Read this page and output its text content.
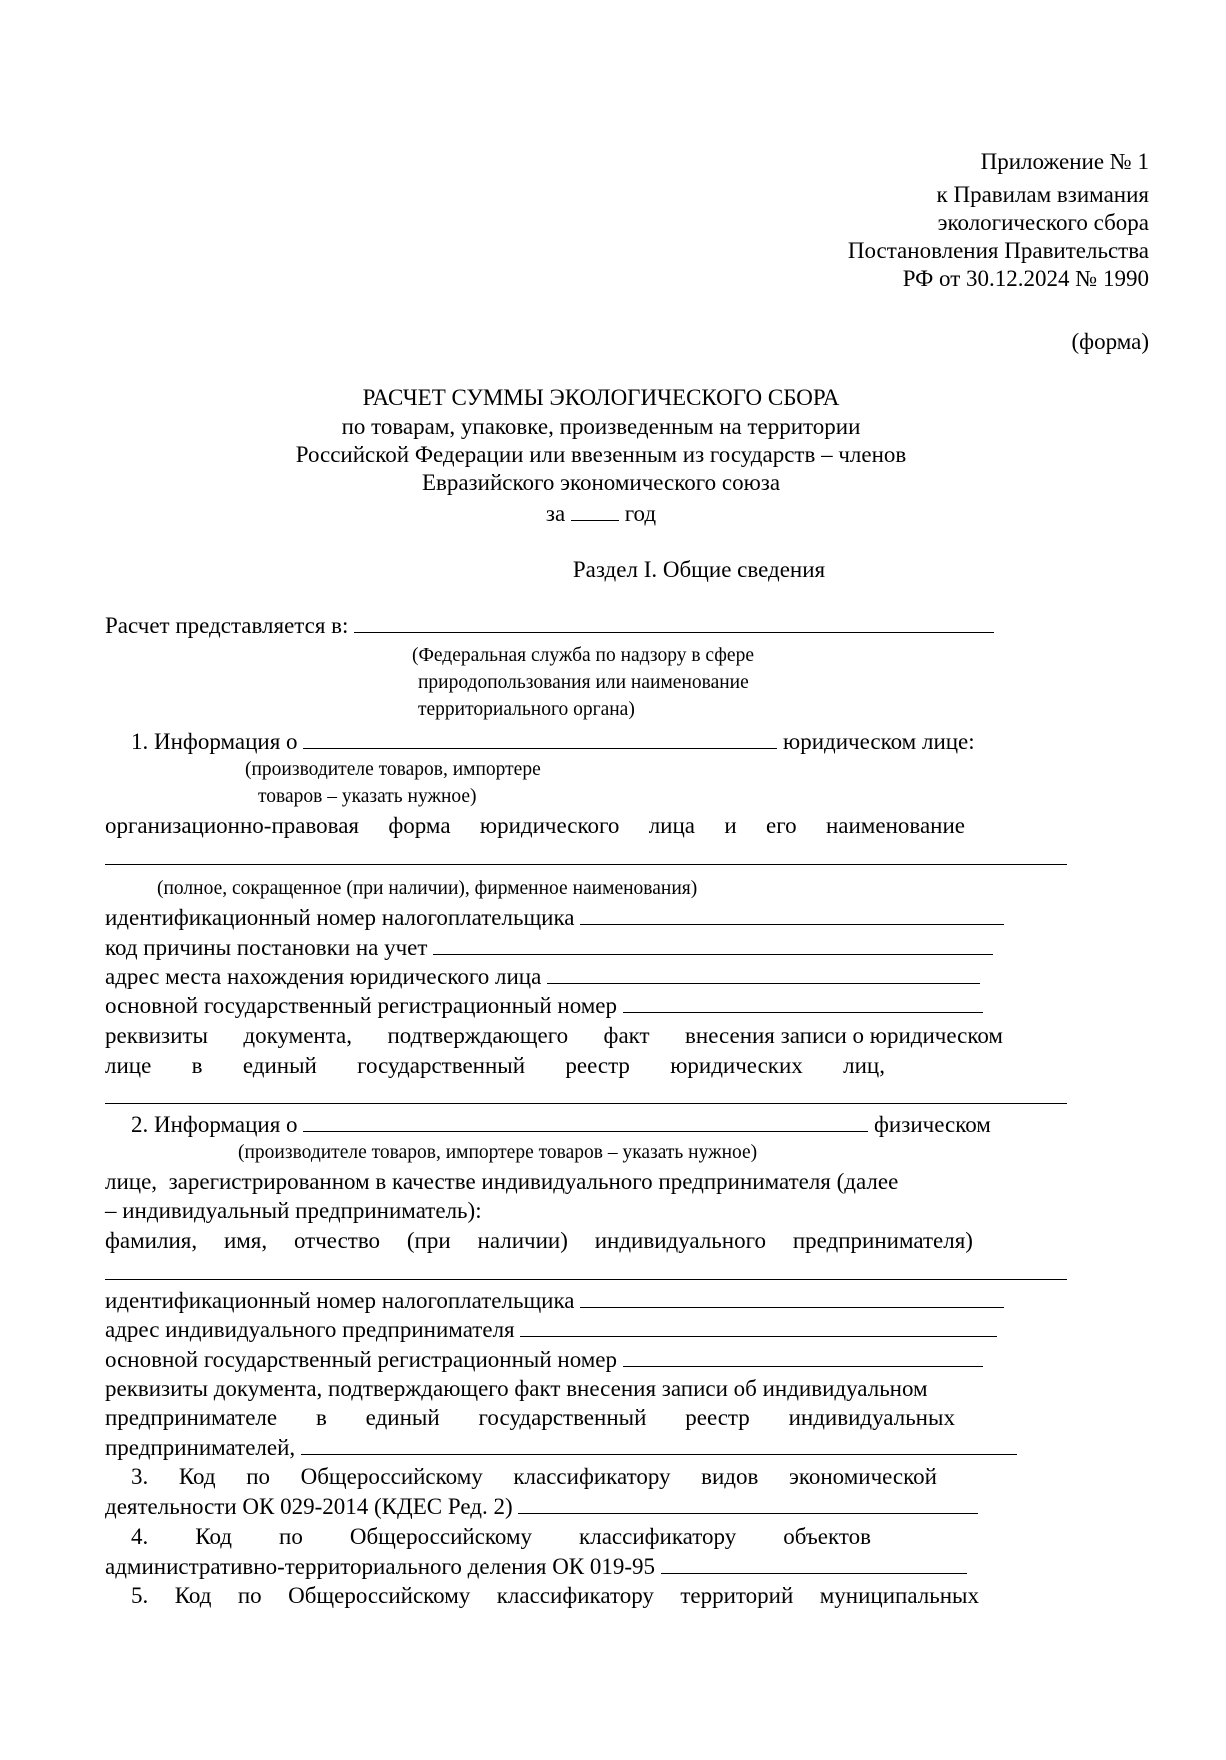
Приложение № 1
к Правилам взимания
экологического сбора
Постановления Правительства
РФ от 30.12.2024 № 1990
(форма)
РАСЧЕТ СУММЫ ЭКОЛОГИЧЕСКОГО СБОРА
по товарам, упаковке, произведенным на территории
Российской Федерации или ввезенным из государств – членов
Евразийского экономического союза
за	год
Раздел I. Общие сведения
Расчет представляется в:
(Федеральная служба по надзору в сфере
природопользования или наименование
территориального органа)
1. Информация о	юридическом лице:
(производителе товаров, импортере
товаров – указать нужное)
организационно-правовая форма юридического лица и его наименование
(полное, сокращенное (при наличии), фирменное наименования)
идентификационный номер налогоплательщика
код причины постановки на учет
адрес места нахождения юридического лица
основной государственный регистрационный номер
реквизиты документа, подтверждающего факт внесения записи о юридическом
лице в единый государственный реестр юридических лиц,
2. Информация о	физическом
(производителе товаров, импортере товаров – указать нужное)
лице, зарегистрированном в качестве индивидуального предпринимателя (далее
– индивидуальный предприниматель):
фамилия, имя, отчество (при наличии) индивидуального предпринимателя)
идентификационный номер налогоплательщика
адрес индивидуального предпринимателя
основной государственный регистрационный номер
реквизиты документа, подтверждающего факт внесения записи об индивидуальном
предпринимателе в единый государственный реестр индивидуальных
предпринимателей,
3. Код по Общероссийскому классификатору видов экономической
деятельности ОК 029-2014 (КДЕС Ред. 2)
4. Код по Общероссийскому классификатору объектов
административно-территориального деления ОК 019-95
5. Код по Общероссийскому классификатору территорий муниципальных
